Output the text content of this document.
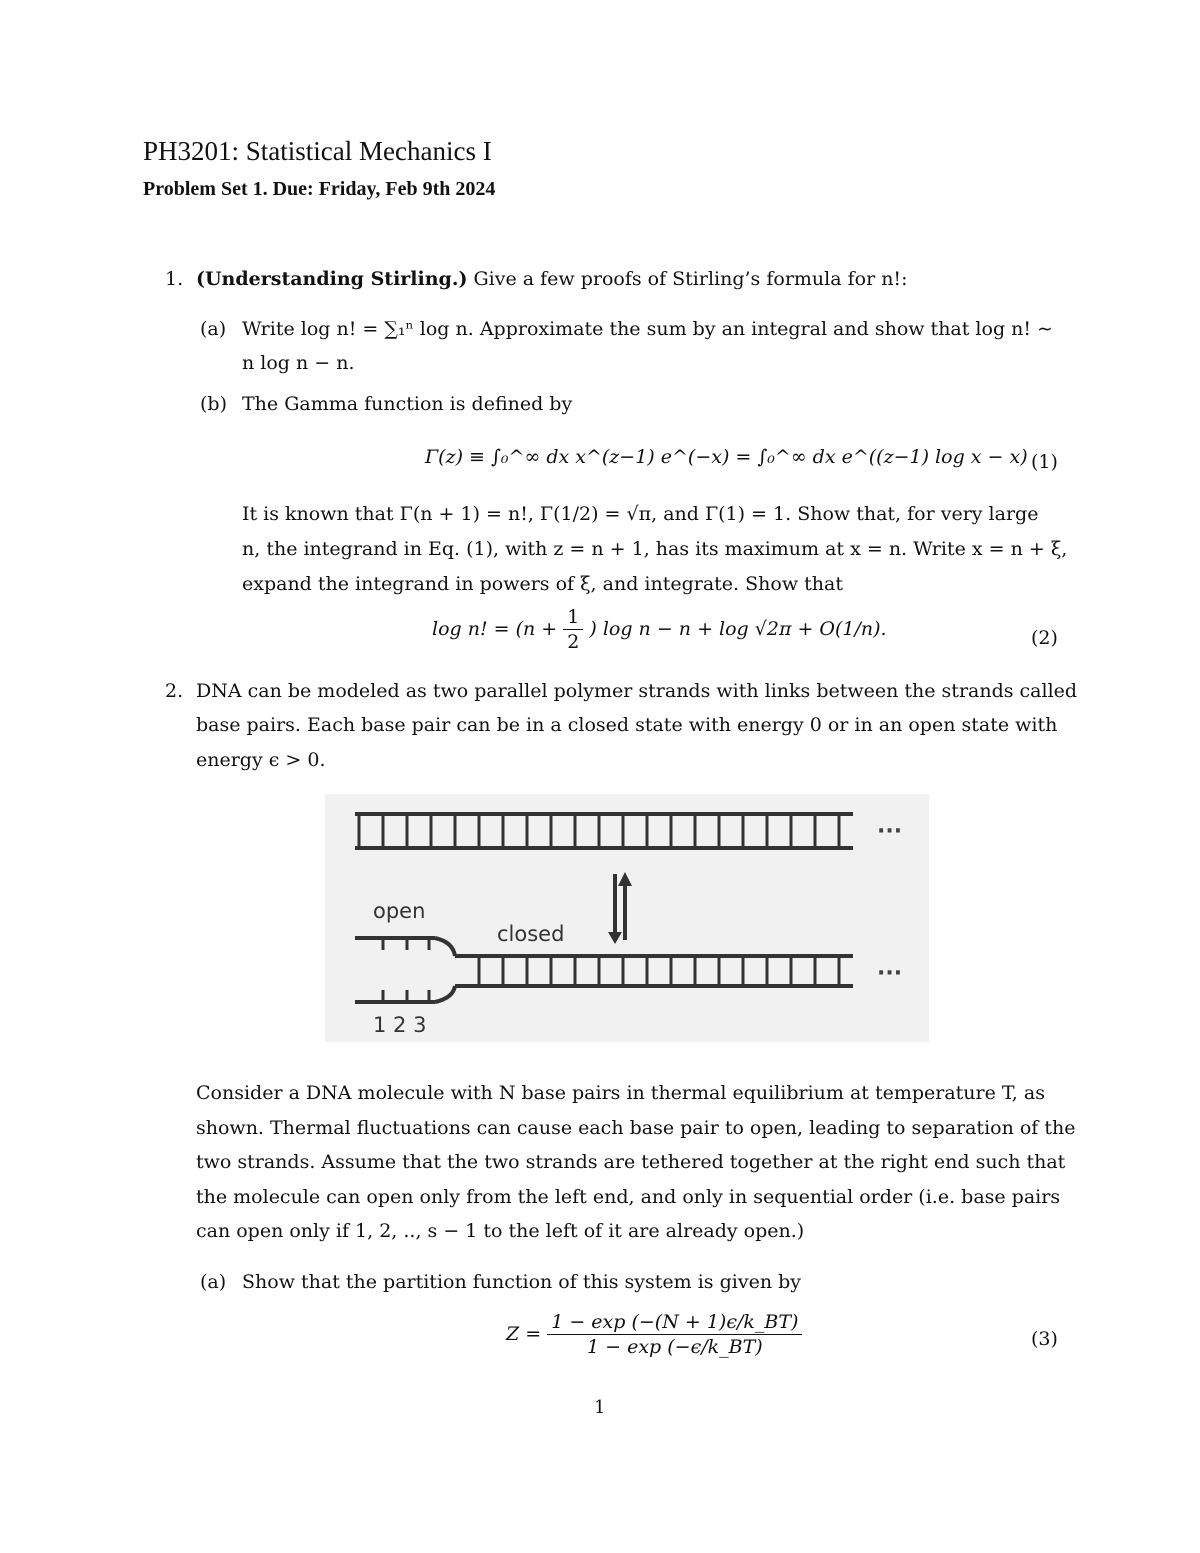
PH3201: Statistical Mechanics I
Problem Set 1. Due: Friday, Feb 9th 2024
1. (Understanding Stirling.) Give a few proofs of Stirling’s formula for n!:
(a) Write log n! = ∑₁ⁿ log n. Approximate the sum by an integral and show that log n! ∼
n log n − n.
(b) The Gamma function is defined by
Γ(z) ≡ ∫₀^∞ dx x^(z−1) e^(−x) = ∫₀^∞ dx e^((z−1) log x − x) (1)
It is known that Γ(n + 1) = n!, Γ(1/2) = √π, and Γ(1) = 1. Show that, for very large
n, the integrand in Eq. (1), with z = n + 1, has its maximum at x = n. Write x = n + ξ,
expand the integrand in powers of ξ, and integrate. Show that
log n! = ($n + \frac{1}{2}$ ) log n − n + log √2π + O(1/n).	(2)
2. DNA can be modeled as two parallel polymer strands with links between the strands called
base pairs. Each base pair can be in a closed state with energy 0 or in an open state with
energy ϵ > 0.
···
open
closed
···
1 2 3
Consider a DNA molecule with N base pairs in thermal equilibrium at temperature T, as
shown. Thermal fluctuations can cause each base pair to open, leading to separation of the
two strands. Assume that the two strands are tethered together at the right end such that
the molecule can open only from the left end, and only in sequential order (i.e. base pairs
can open only if 1, 2, .., s − 1 to the left of it are already open.)
(a) Show that the partition function of this system is given by
$Z = \frac{1 - \exp (-(N + 1)\epsilon/k\_BT)}{1 - \exp (-\epsilon/k\_BT)}$	(3)
1
